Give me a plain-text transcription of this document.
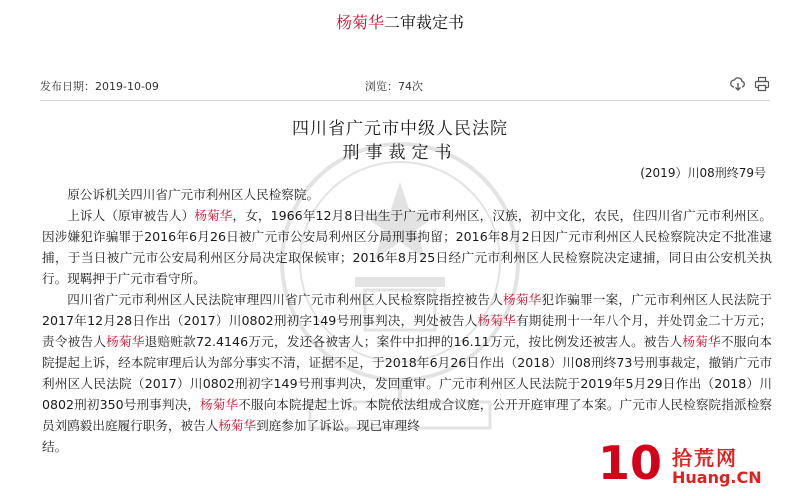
杨菊华二审裁定书
发布日期：2019-10-09	浏览：74次
四川省广元市中级人民法院
刑事裁定书
(2019）川08刑终79号

原公诉机关四川省广元市利州区人民检察院。

上诉人（原审被告人）杨菊华，女，1966年12月8日出生于广元市利州区，汉族，初中文化，农民，住四川省广元市利州区。因涉嫌犯诈骗罪于2016年6月26日被广元市公安局利州区分局刑事拘留；2016年8月2日因广元市利州区人民检察院决定不批准逮捕，于当日被广元市公安局利州区分局决定取保候审；2016年8月25日经广元市利州区人民检察院决定逮捕，同日由公安机关执行。现羁押于广元市看守所。

四川省广元市利州区人民法院审理四川省广元市利州区人民检察院指控被告人杨菊华犯诈骗罪一案，广元市利州区人民法院于2017年12月28日作出（2017）川0802刑初字149号刑事判决，判处被告人杨菊华有期徒刑十一年八个月，并处罚金二十万元；责令被告人杨菊华退赔赃款72.4146万元，发还各被害人；案件中扣押的16.11万元，按比例发还被害人。被告人杨菊华不服向本院提起上诉，经本院审理后认为部分事实不清，证据不足，于2018年6月26日作出（2018）川08刑终73号刑事裁定，撤销广元市利州区人民法院（2017）川0802刑初字149号刑事判决，发回重审。广元市利州区人民法院于2019年5月29日作出（2018）川0802刑初350号刑事判决，杨菊华不服向本院提起上诉。本院依法组成合议庭，公开开庭审理了本案。广元市人民检察院指派检察员刘鸥毅出庭履行职务，被告人杨菊华到庭参加了诉讼。现已审理终
结。	10 拾荒网
Huang.CN
